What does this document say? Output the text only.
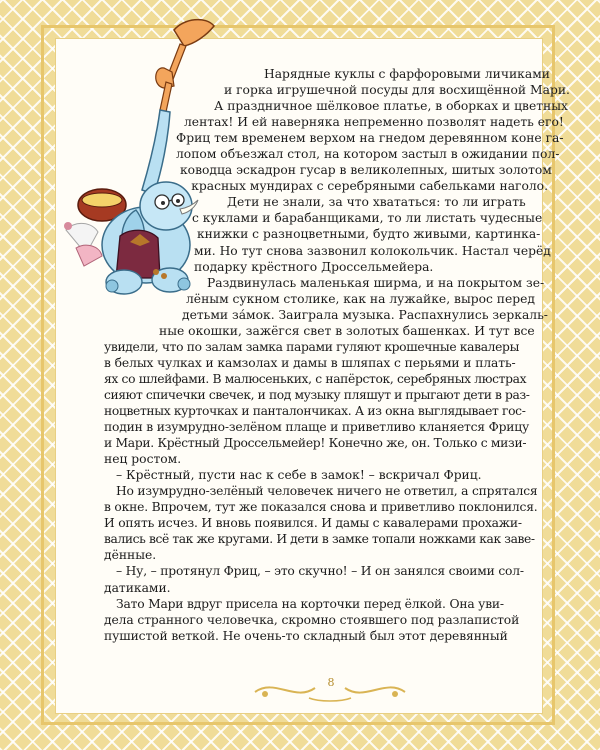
Нарядные куклы с фарфоровыми личиками
и горка игрушечной посуды для восхищённой Мари.
А праздничное шёлковое платье, в оборках и цветных
лентах! И ей наверняка непременно позволят надеть его!
Фриц тем временем верхом на гнедом деревянном коне га-
лопом объезжал стол, на котором застыл в ожидании пол-
ководца эскадрон гусар в великолепных, шитых золотом
красных мундирах с серебряными сабельками наголо.
Дети не знали, за что хвататься: то ли играть
с куклами и барабанщиками, то ли листать чудесные
книжки с разноцветными, будто живыми, картинка-
ми. Но тут снова зазвонил колокольчик. Настал черёд
подарку крёстного Дроссельмейера.
Раздвинулась маленькая ширма, и на покрытом зе-
лёным сукном столике, как на лужайке, вырос перед
детьми за́мок. Заиграла музыка. Распахнулись зеркаль-
ные окошки, зажёгся свет в золотых башенках. И тут все
увидели, что по залам замка парами гуляют крошечные кавалеры
в белых чулках и камзолах и дамы в шляпах с перьями и плать-
ях со шлейфами. В малюсеньких, с напёрсток, серебряных люстрах
сияют спичечки свечек, и под музыку пляшут и прыгают дети в раз-
ноцветных курточках и панталончиках. А из окна выглядывает гос-
подин в изумрудно-зелёном плаще и приветливо кланяется Фрицу
и Мари. Крёстный Дроссельмейер! Конечно же, он. Только с мизи-
нец ростом.
– Крёстный, пусти нас к себе в замок! – вскричал Фриц.
Но изумрудно-зелёный человечек ничего не ответил, а спрятался
в окне. Впрочем, тут же показался снова и приветливо поклонился.
И опять исчез. И вновь появился. И дамы с кавалерами прохажи-
вались всё так же кругами. И дети в замке топали ножками как заве-
дённые.
– Ну, – протянул Фриц, – это скучно! – И он занялся своими сол-
датиками.
Зато Мари вдруг присела на корточки перед ёлкой. Она уви-
дела странного человечка, скромно стоявшего под разлапистой
пушистой веткой. Не очень-то складный был этот деревянный
8
